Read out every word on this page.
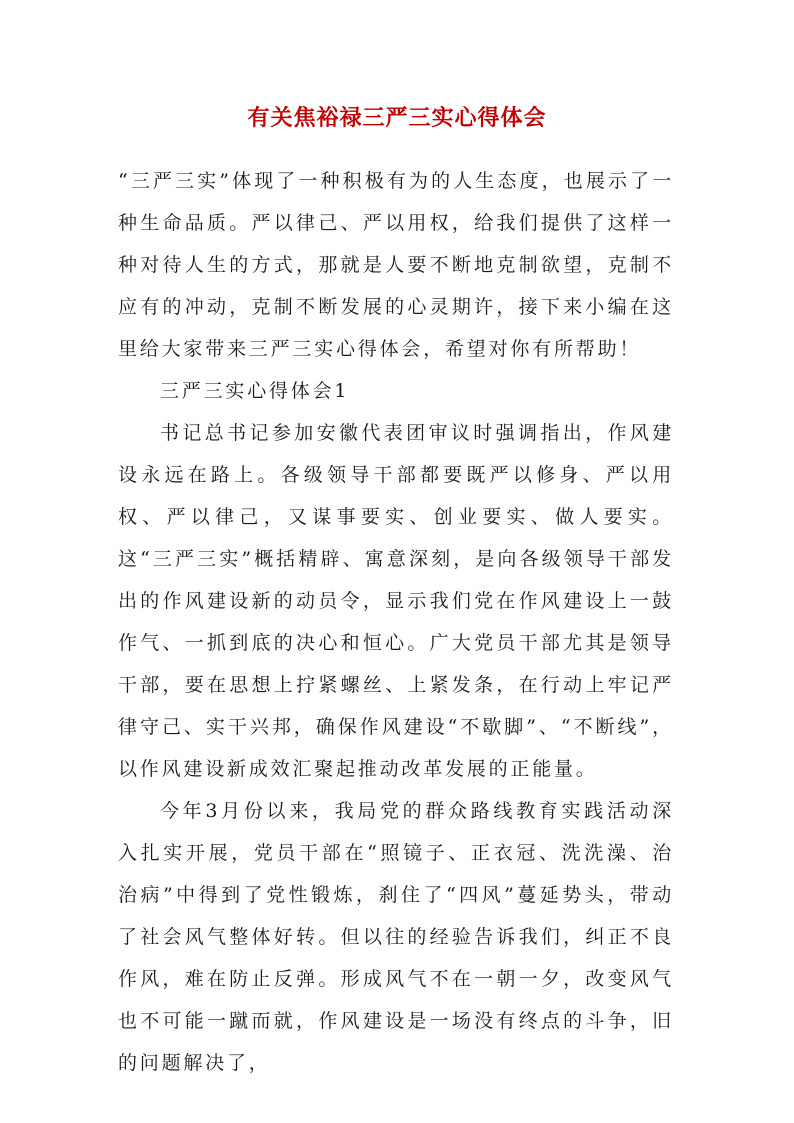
有关焦裕禄三严三实心得体会

“三严三实”体现了一种积极有为的人生态度，也展示了一种生命品质。严以律己、严以用权，给我们提供了这样一种对待人生的方式，那就是人要不断地克制欲望，克制不应有的冲动，克制不断发展的心灵期许，接下来小编在这里给大家带来三严三实心得体会，希望对你有所帮助！

三严三实心得体会1

书记总书记参加安徽代表团审议时强调指出，作风建设永远在路上。各级领导干部都要既严以修身、严以用权、严以律己，又谋事要实、创业要实、做人要实。这“三严三实”概括精辟、寓意深刻，是向各级领导干部发出的作风建设新的动员令，显示我们党在作风建设上一鼓作气、一抓到底的决心和恒心。广大党员干部尤其是领导干部，要在思想上拧紧螺丝、上紧发条，在行动上牢记严律守己、实干兴邦，确保作风建设“不歇脚”、“不断线”，以作风建设新成效汇聚起推动改革发展的正能量。

今年3月份以来，我局党的群众路线教育实践活动深入扎实开展，党员干部在“照镜子、正衣冠、洗洗澡、治治病”中得到了党性锻炼，刹住了“四风”蔓延势头，带动了社会风气整体好转。但以往的经验告诉我们，纠正不良作风，难在防止反弹。形成风气不在一朝一夕，改变风气也不可能一蹴而就，作风建设是一场没有终点的斗争，旧的问题解决了，
